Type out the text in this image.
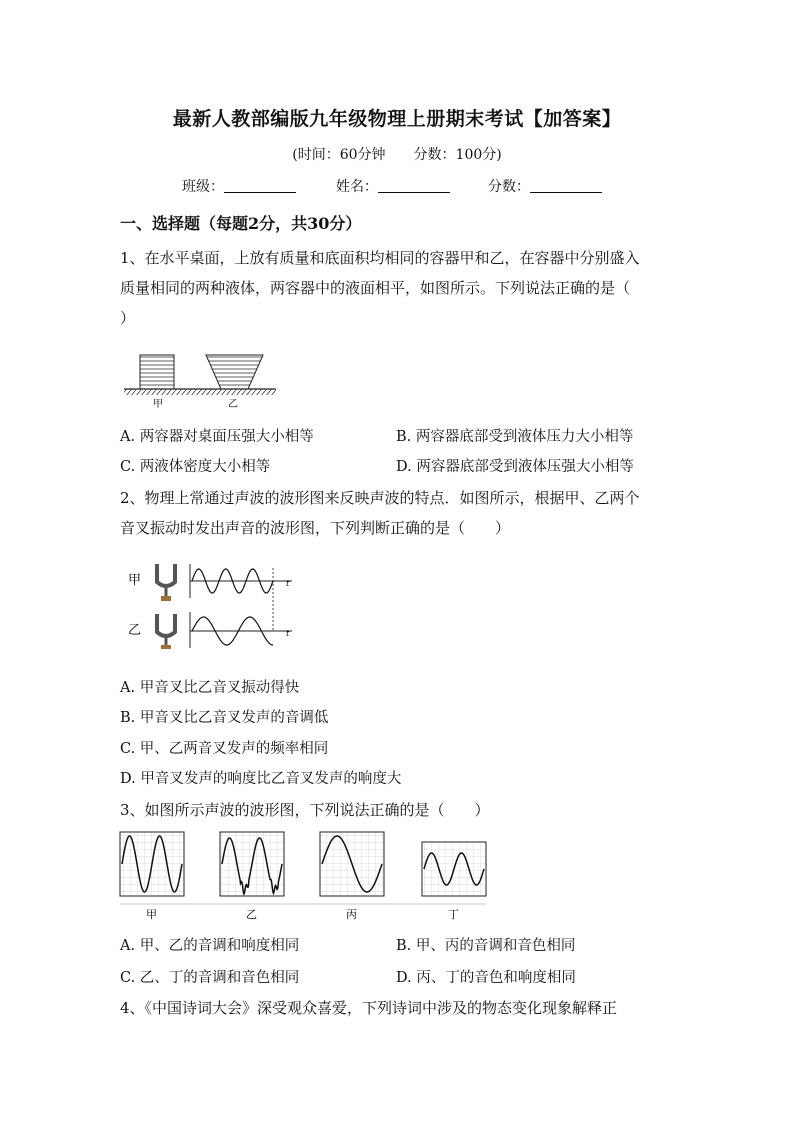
最新人教部编版九年级物理上册期末考试【加答案】
(时间：60分钟　　分数：100分)
班级：	姓名：	分数：
一、选择题（每题2分，共30分）
1、在水平桌面，上放有质量和底面积均相同的容器甲和乙，在容器中分别盛入
质量相同的两种液体，两容器中的液面相平，如图所示。下列说法正确的是（
）
甲	乙
A. 两容器对桌面压强大小相等	B. 两容器底部受到液体压力大小相等
C. 两液体密度大小相等	D. 两容器底部受到液体压强大小相等
2、物理上常通过声波的波形图来反映声波的特点．如图所示，根据甲、乙两个
音叉振动时发出声音的波形图，下列判断正确的是（　　）
甲
乙
t
t
A. 甲音叉比乙音叉振动得快
B. 甲音叉比乙音叉发声的音调低
C. 甲、乙两音叉发声的频率相同
D. 甲音叉发声的响度比乙音叉发声的响度大
3、如图所示声波的波形图，下列说法正确的是（　　）
甲	乙	丙	丁
A. 甲、乙的音调和响度相同	B. 甲、丙的音调和音色相同
C. 乙、丁的音调和音色相同	D. 丙、丁的音色和响度相同
4、《中国诗词大会》深受观众喜爱，下列诗词中涉及的物态变化现象解释正
